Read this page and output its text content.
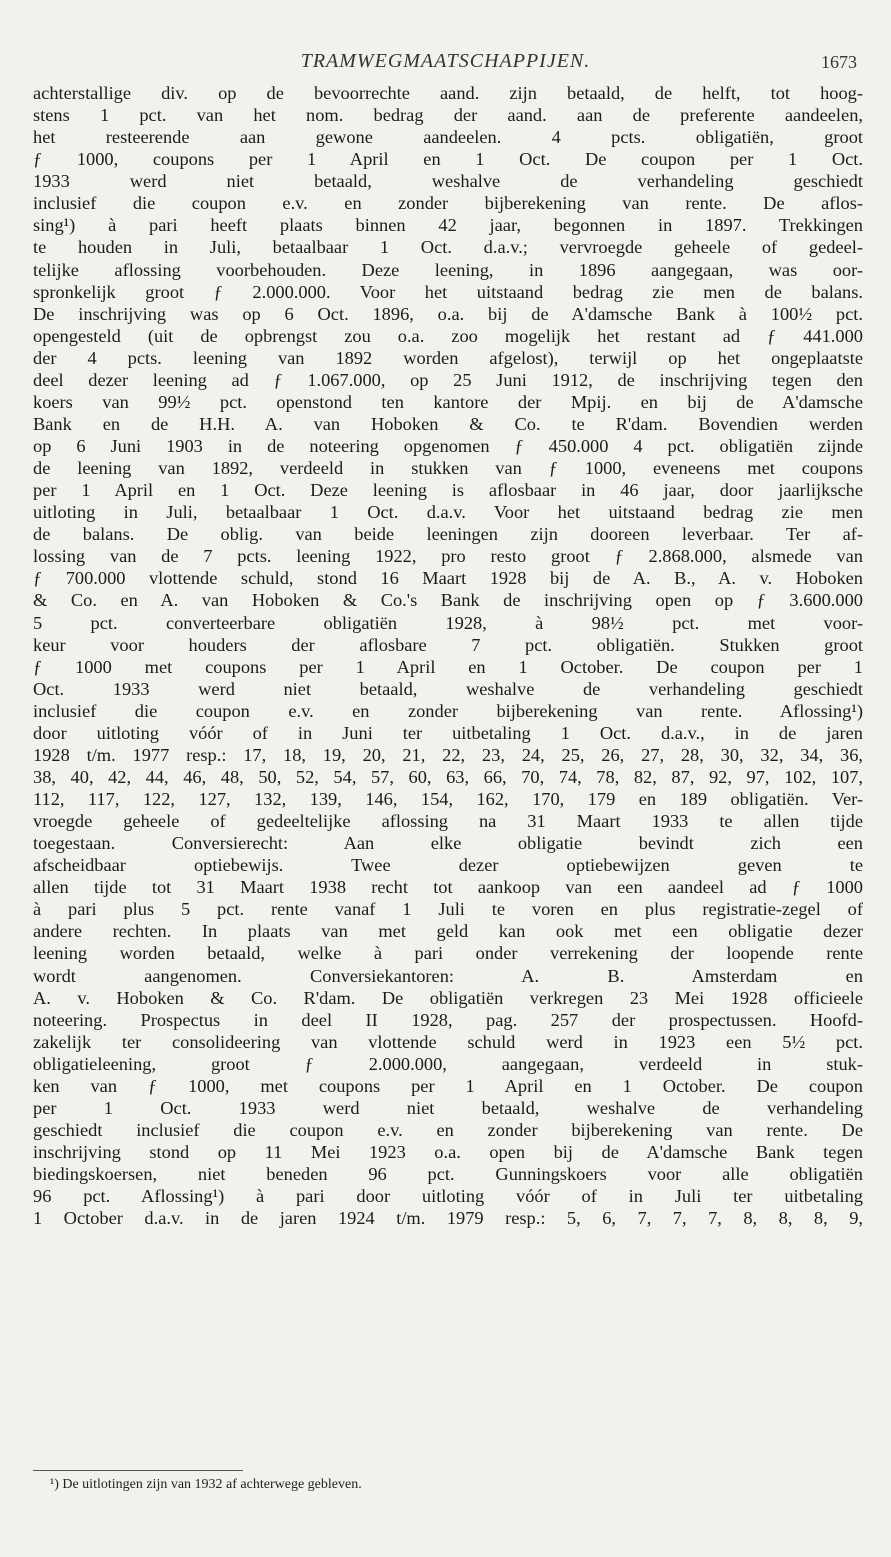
TRAMWEGMAATSCHAPPIJEN.	1673
achterstallige div. op de bevoorrechte aand. zijn betaald, de helft, tot hoog-
stens 1 pct. van het nom. bedrag der aand. aan de preferente aandeelen,
het resteerende aan gewone aandeelen. 4 pcts. obligatiën, groot
ƒ 1000, coupons per 1 April en 1 Oct. De coupon per 1 Oct.
1933 werd niet betaald, weshalve de verhandeling geschiedt
inclusief die coupon e.v. en zonder bijberekening van rente. De aflos-
sing¹) à pari heeft plaats binnen 42 jaar, begonnen in 1897. Trekkingen
te houden in Juli, betaalbaar 1 Oct. d.a.v.; vervroegde geheele of gedeel-
telijke aflossing voorbehouden. Deze leening, in 1896 aangegaan, was oor-
spronkelijk groot ƒ 2.000.000. Voor het uitstaand bedrag zie men de balans.
De inschrijving was op 6 Oct. 1896, o.a. bij de A'damsche Bank à 100½ pct.
opengesteld (uit de opbrengst zou o.a. zoo mogelijk het restant ad ƒ 441.000
der 4 pcts. leening van 1892 worden afgelost), terwijl op het ongeplaatste
deel dezer leening ad ƒ 1.067.000, op 25 Juni 1912, de inschrijving tegen den
koers van 99½ pct. openstond ten kantore der Mpij. en bij de A'damsche
Bank en de H.H. A. van Hoboken & Co. te R'dam. Bovendien werden
op 6 Juni 1903 in de noteering opgenomen ƒ 450.000 4 pct. obligatiën zijnde
de leening van 1892, verdeeld in stukken van ƒ 1000, eveneens met coupons
per 1 April en 1 Oct. Deze leening is aflosbaar in 46 jaar, door jaarlijksche
uitloting in Juli, betaalbaar 1 Oct. d.a.v. Voor het uitstaand bedrag zie men
de balans. De oblig. van beide leeningen zijn dooreen leverbaar. Ter af-
lossing van de 7 pcts. leening 1922, pro resto groot ƒ 2.868.000, alsmede van
ƒ 700.000 vlottende schuld, stond 16 Maart 1928 bij de A. B., A. v. Hoboken
& Co. en A. van Hoboken & Co.'s Bank de inschrijving open op ƒ 3.600.000
5 pct. converteerbare obligatiën 1928, à 98½ pct. met voor-
keur voor houders der aflosbare 7 pct. obligatiën. Stukken groot
ƒ 1000 met coupons per 1 April en 1 October. De coupon per 1
Oct. 1933 werd niet betaald, weshalve de verhandeling geschiedt
inclusief die coupon e.v. en zonder bijberekening van rente. Aflossing¹)
door uitloting vóór of in Juni ter uitbetaling 1 Oct. d.a.v., in de jaren
1928 t/m. 1977 resp.: 17, 18, 19, 20, 21, 22, 23, 24, 25, 26, 27, 28, 30, 32, 34, 36,
38, 40, 42, 44, 46, 48, 50, 52, 54, 57, 60, 63, 66, 70, 74, 78, 82, 87, 92, 97, 102, 107,
112, 117, 122, 127, 132, 139, 146, 154, 162, 170, 179 en 189 obligatiën. Ver-
vroegde geheele of gedeeltelijke aflossing na 31 Maart 1933 te allen tijde
toegestaan. Conversierecht: Aan elke obligatie bevindt zich een
afscheidbaar optiebewijs. Twee dezer optiebewijzen geven te
allen tijde tot 31 Maart 1938 recht tot aankoop van een aandeel ad ƒ 1000
à pari plus 5 pct. rente vanaf 1 Juli te voren en plus registratie-zegel of
andere rechten. In plaats van met geld kan ook met een obligatie dezer
leening worden betaald, welke à pari onder verrekening der loopende rente
wordt aangenomen. Conversiekantoren: A. B. Amsterdam en
A. v. Hoboken & Co. R'dam. De obligatiën verkregen 23 Mei 1928 officieele
noteering. Prospectus in deel II 1928, pag. 257 der prospectussen. Hoofd-
zakelijk ter consolideering van vlottende schuld werd in 1923 een 5½ pct.
obligatieleening, groot ƒ 2.000.000, aangegaan, verdeeld in stuk-
ken van ƒ 1000, met coupons per 1 April en 1 October. De coupon
per 1 Oct. 1933 werd niet betaald, weshalve de verhandeling
geschiedt inclusief die coupon e.v. en zonder bijberekening van rente. De
inschrijving stond op 11 Mei 1923 o.a. open bij de A'damsche Bank tegen
biedingskoersen, niet beneden 96 pct. Gunningskoers voor alle obligatiën
96 pct. Aflossing¹) à pari door uitloting vóór of in Juli ter uitbetaling
1 October d.a.v. in de jaren 1924 t/m. 1979 resp.: 5, 6, 7, 7, 7, 8, 8, 8, 9,
¹) De uitlotingen zijn van 1932 af achterwege gebleven.
